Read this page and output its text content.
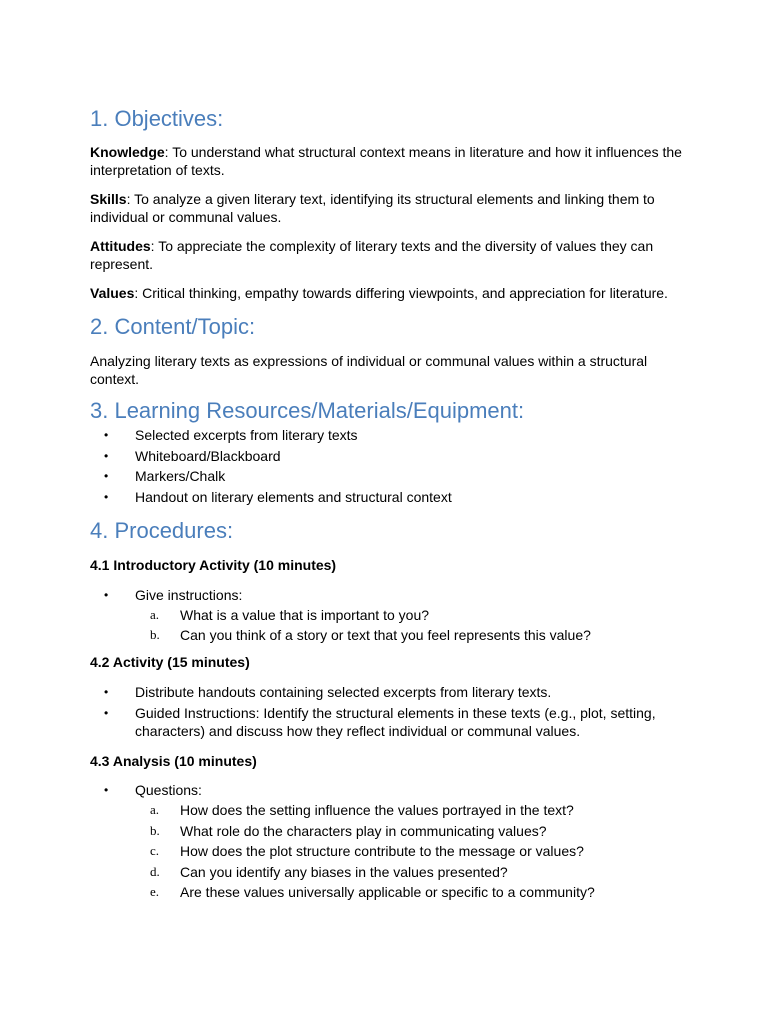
1. Objectives:

Knowledge: To understand what structural context means in literature and how it influences the interpretation of texts.

Skills: To analyze a given literary text, identifying its structural elements and linking them to individual or communal values.

Attitudes: To appreciate the complexity of literary texts and the diversity of values they can represent.

Values: Critical thinking, empathy towards differing viewpoints, and appreciation for literature.

2. Content/Topic:

Analyzing literary texts as expressions of individual or communal values within a structural context.

3. Learning Resources/Materials/Equipment:
• Selected excerpts from literary texts
• Whiteboard/Blackboard
• Markers/Chalk
• Handout on literary elements and structural context
4. Procedures:

4.1 Introductory Activity (10 minutes)

• Give instructions:
a. What is a value that is important to you?
b. Can you think of a story or text that you feel represents this value?

4.2 Activity (15 minutes)

• Distribute handouts containing selected excerpts from literary texts.
• Guided Instructions: Identify the structural elements in these texts (e.g., plot, setting, characters) and discuss how they reflect individual or communal values.

4.3 Analysis (10 minutes)

• Questions:
a. How does the setting influence the values portrayed in the text?
b. What role do the characters play in communicating values?
c. How does the plot structure contribute to the message or values?
d. Can you identify any biases in the values presented?
e. Are these values universally applicable or specific to a community?
